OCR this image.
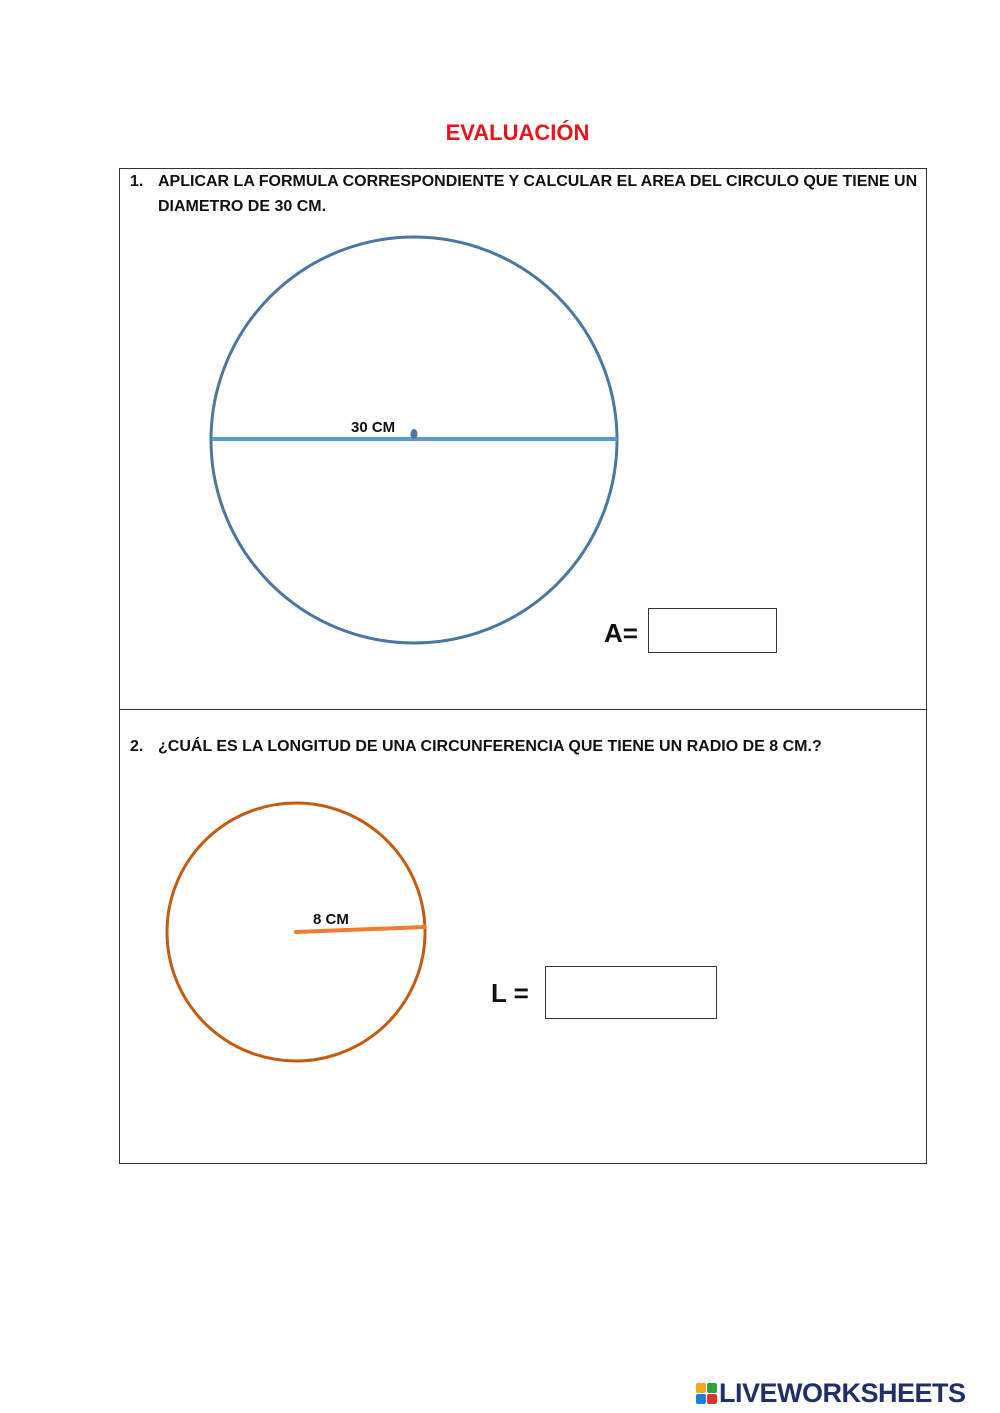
EVALUACIÓN
1. APLICAR LA FORMULA CORRESPONDIENTE Y CALCULAR EL AREA DEL CIRCULO QUE TIENE UN DIAMETRO DE 30 CM.
30 CM
A=
2. ¿CUÁL ES LA LONGITUD DE UNA CIRCUNFERENCIA QUE TIENE UN RADIO DE 8 CM.?
8 CM
L =
LIVEWORKSHEETS
